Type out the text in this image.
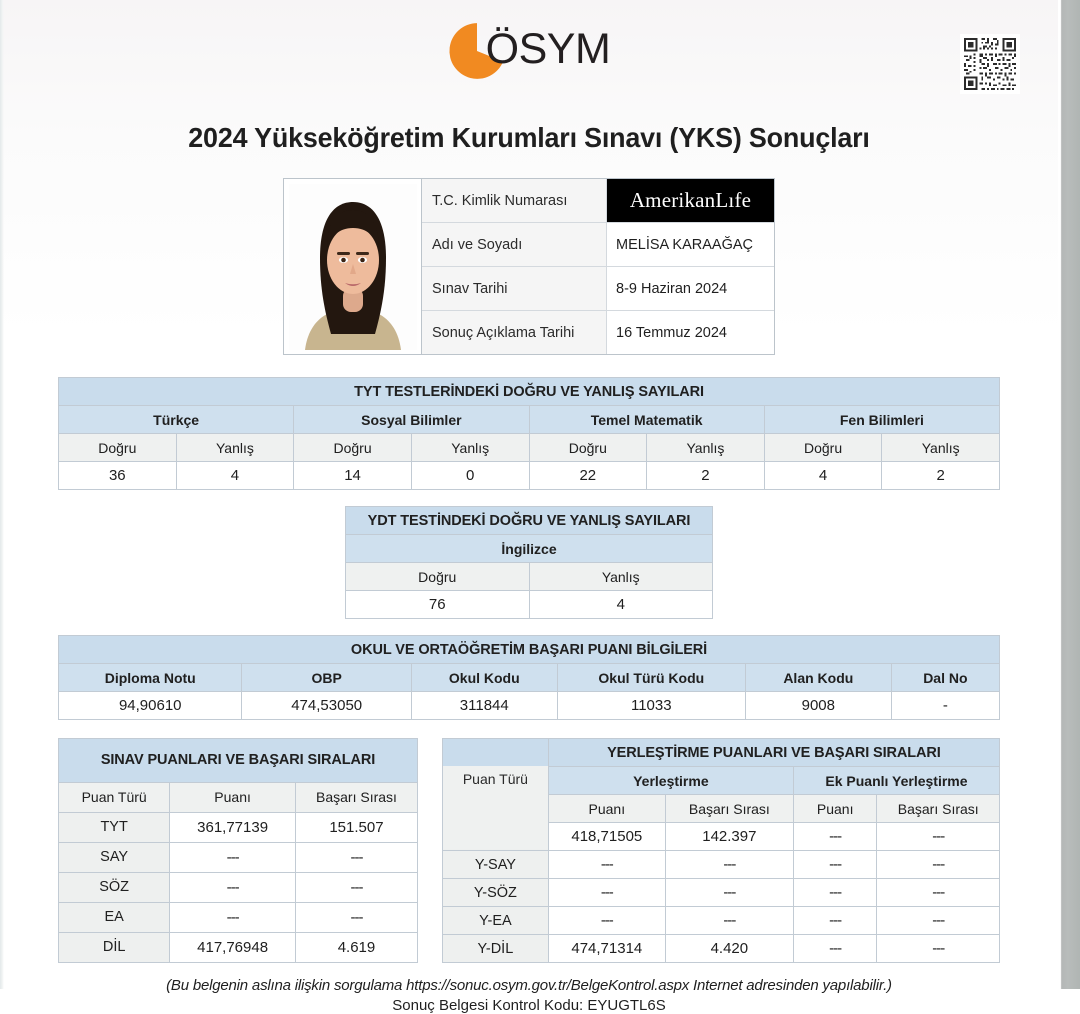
ÖSYM
2024 Yükseköğretim Kurumları Sınavı (YKS) Sonuçları
T.C. Kimlik Numarası	AmerikanLıfe
Adı ve Soyadı	MELİSA KARAAĞAÇ
Sınav Tarihi	8-9 Haziran 2024
Sonuç Açıklama Tarihi	16 Temmuz 2024
TYT TESTLERİNDEKİ DOĞRU VE YANLIŞ SAYILARI							
Türkçe		Sosyal Bilimler		Temel Matematik		Fen Bilimleri	
Doğru	Yanlış	Doğru	Yanlış	Doğru	Yanlış	Doğru	Yanlış
36	4	14	0	22	2	4	2
YDT TESTİNDEKİ DOĞRU VE YANLIŞ SAYILARI	
İngilizce	
Doğru	Yanlış
76	4
OKUL VE ORTAÖĞRETİM BAŞARI PUANI BİLGİLERİ					
Diploma Notu	OBP	Okul Kodu	Okul Türü Kodu	Alan Kodu	Dal No
94,90610	474,53050	311844	11033	9008	-
SINAV PUANLARI VE BAŞARI SIRALARI		
Puan Türü	Puanı	Başarı Sırası
TYT	361,77139	151.507
SAY	---	---
SÖZ	---	---
EA	---	---
DİL	417,76948	4.619
Puan Türü	YERLEŞTİRME PUANLARI VE BAŞARI SIRALARI			
	Yerleştirme		Ek Puanlı Yerleştirme	
	Puanı	Başarı Sırası	Puanı	Başarı Sırası
	418,71505	142.397	---	---
Y-SAY	---	---	---	---
Y-SÖZ	---	---	---	---
Y-EA	---	---	---	---
Y-DİL	474,71314	4.420	---	---
(Bu belgenin aslına ilişkin sorgulama https://sonuc.osym.gov.tr/BelgeKontrol.aspx Internet adresinden yapılabilir.)
Sonuç Belgesi Kontrol Kodu: EYUGTL6S
